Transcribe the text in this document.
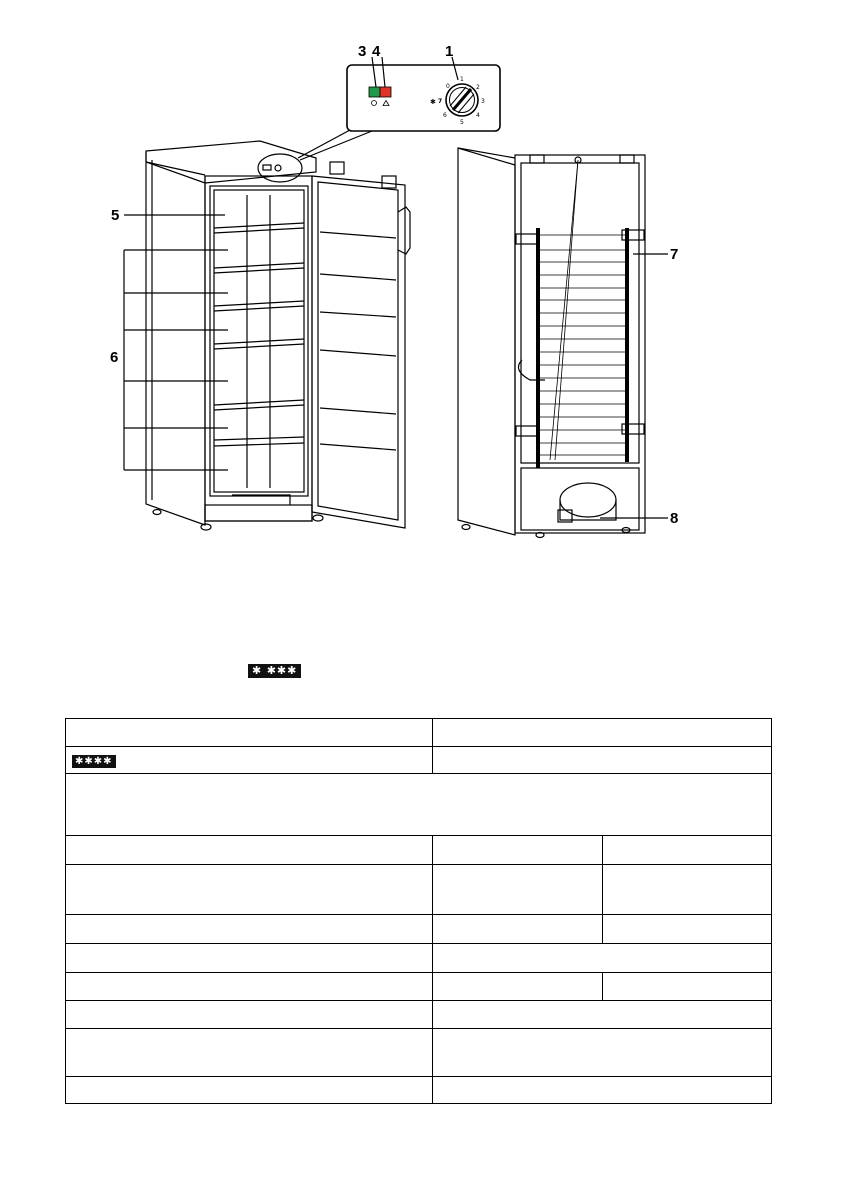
✱
0
1
2
3
4
5
6
7
3 4	1
5
6
7
8
✱ ✱✱✱

✱✱✱✱		
